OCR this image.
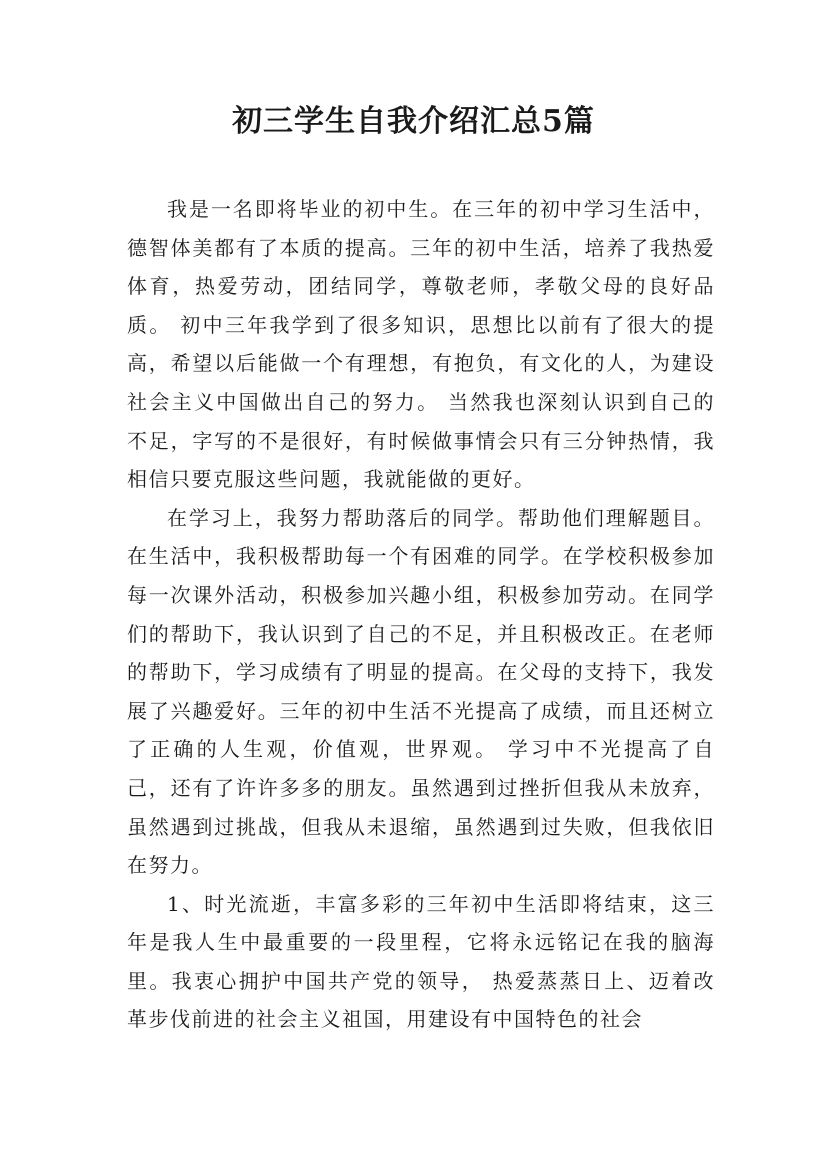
初三学生自我介绍汇总5篇

我是一名即将毕业的初中生。在三年的初中学习生活中，德智体美都有了本质的提高。三年的初中生活，培养了我热爱体育，热爱劳动，团结同学，尊敬老师，孝敬父母的良好品质。 初中三年我学到了很多知识，思想比以前有了很大的提高，希望以后能做一个有理想，有抱负，有文化的人，为建设社会主义中国做出自己的努力。 当然我也深刻认识到自己的不足，字写的不是很好，有时候做事情会只有三分钟热情，我相信只要克服这些问题，我就能做的更好。

在学习上，我努力帮助落后的同学。帮助他们理解题目。在生活中，我积极帮助每一个有困难的同学。在学校积极参加每一次课外活动，积极参加兴趣小组，积极参加劳动。在同学们的帮助下，我认识到了自己的不足，并且积极改正。在老师的帮助下，学习成绩有了明显的提高。在父母的支持下，我发展了兴趣爱好。三年的初中生活不光提高了成绩，而且还树立了正确的人生观，价值观，世界观。 学习中不光提高了自己，还有了许许多多的朋友。虽然遇到过挫折但我从未放弃，虽然遇到过挑战，但我从未退缩，虽然遇到过失败，但我依旧在努力。

1、时光流逝，丰富多彩的三年初中生活即将结束，这三年是我人生中最重要的一段里程，它将永远铭记在我的脑海里。我衷心拥护中国共产党的领导， 热爱蒸蒸日上、迈着改革步伐前进的社会主义祖国，用建设有中国特色的社会
